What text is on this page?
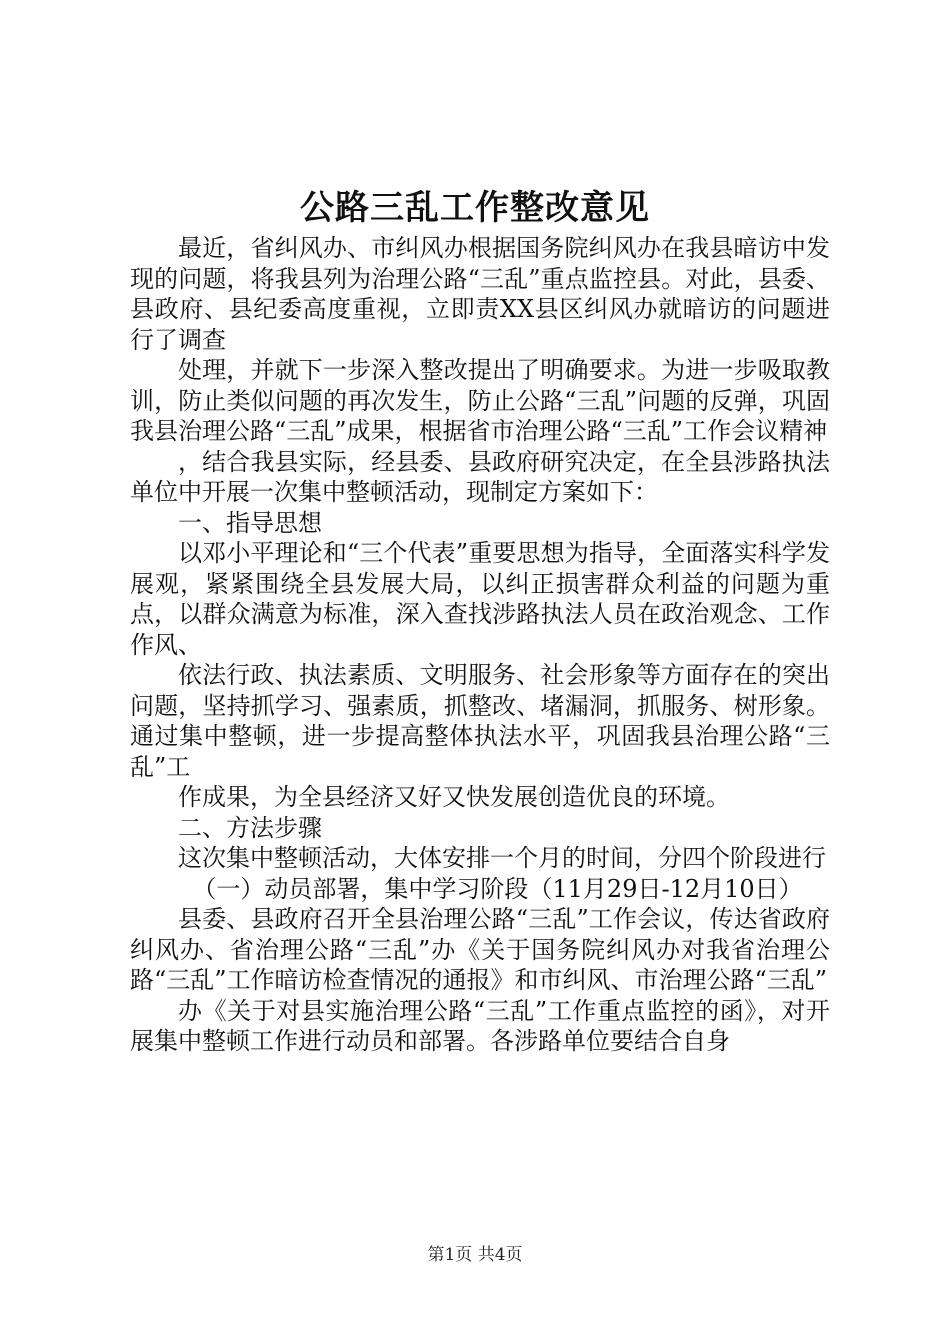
公路三乱工作整改意见

最近，省纠风办、市纠风办根据国务院纠风办在我县暗访中发现的问题，将我县列为治理公路“三乱”重点监控县。对此，县委、县政府、县纪委高度重视，立即责XX县区纠风办就暗访的问题进行了调查

处理，并就下一步深入整改提出了明确要求。为进一步吸取教训，防止类似问题的再次发生，防止公路“三乱”问题的反弹，巩固我县治理公路“三乱”成果，根据省市治理公路“三乱”工作会议精神

，结合我县实际，经县委、县政府研究决定，在全县涉路执法单位中开展一次集中整顿活动，现制定方案如下：

一、指导思想

以邓小平理论和“三个代表”重要思想为指导，全面落实科学发展观，紧紧围绕全县发展大局，以纠正损害群众利益的问题为重点，以群众满意为标准，深入查找涉路执法人员在政治观念、工作作风、

依法行政、执法素质、文明服务、社会形象等方面存在的突出问题，坚持抓学习、强素质，抓整改、堵漏洞，抓服务、树形象。通过集中整顿，进一步提高整体执法水平，巩固我县治理公路“三乱”工

作成果，为全县经济又好又快发展创造优良的环境。

二、方法步骤

这次集中整顿活动，大体安排一个月的时间，分四个阶段进行

（一）动员部署，集中学习阶段（11月29日-12月10日）

县委、县政府召开全县治理公路“三乱”工作会议，传达省政府纠风办、省治理公路“三乱”办《关于国务院纠风办对我省治理公路“三乱”工作暗访检查情况的通报》和市纠风、市治理公路“三乱”

办《关于对县实施治理公路“三乱”工作重点监控的函》，对开展集中整顿工作进行动员和部署。各涉路单位要结合自身

第1页 共4页
